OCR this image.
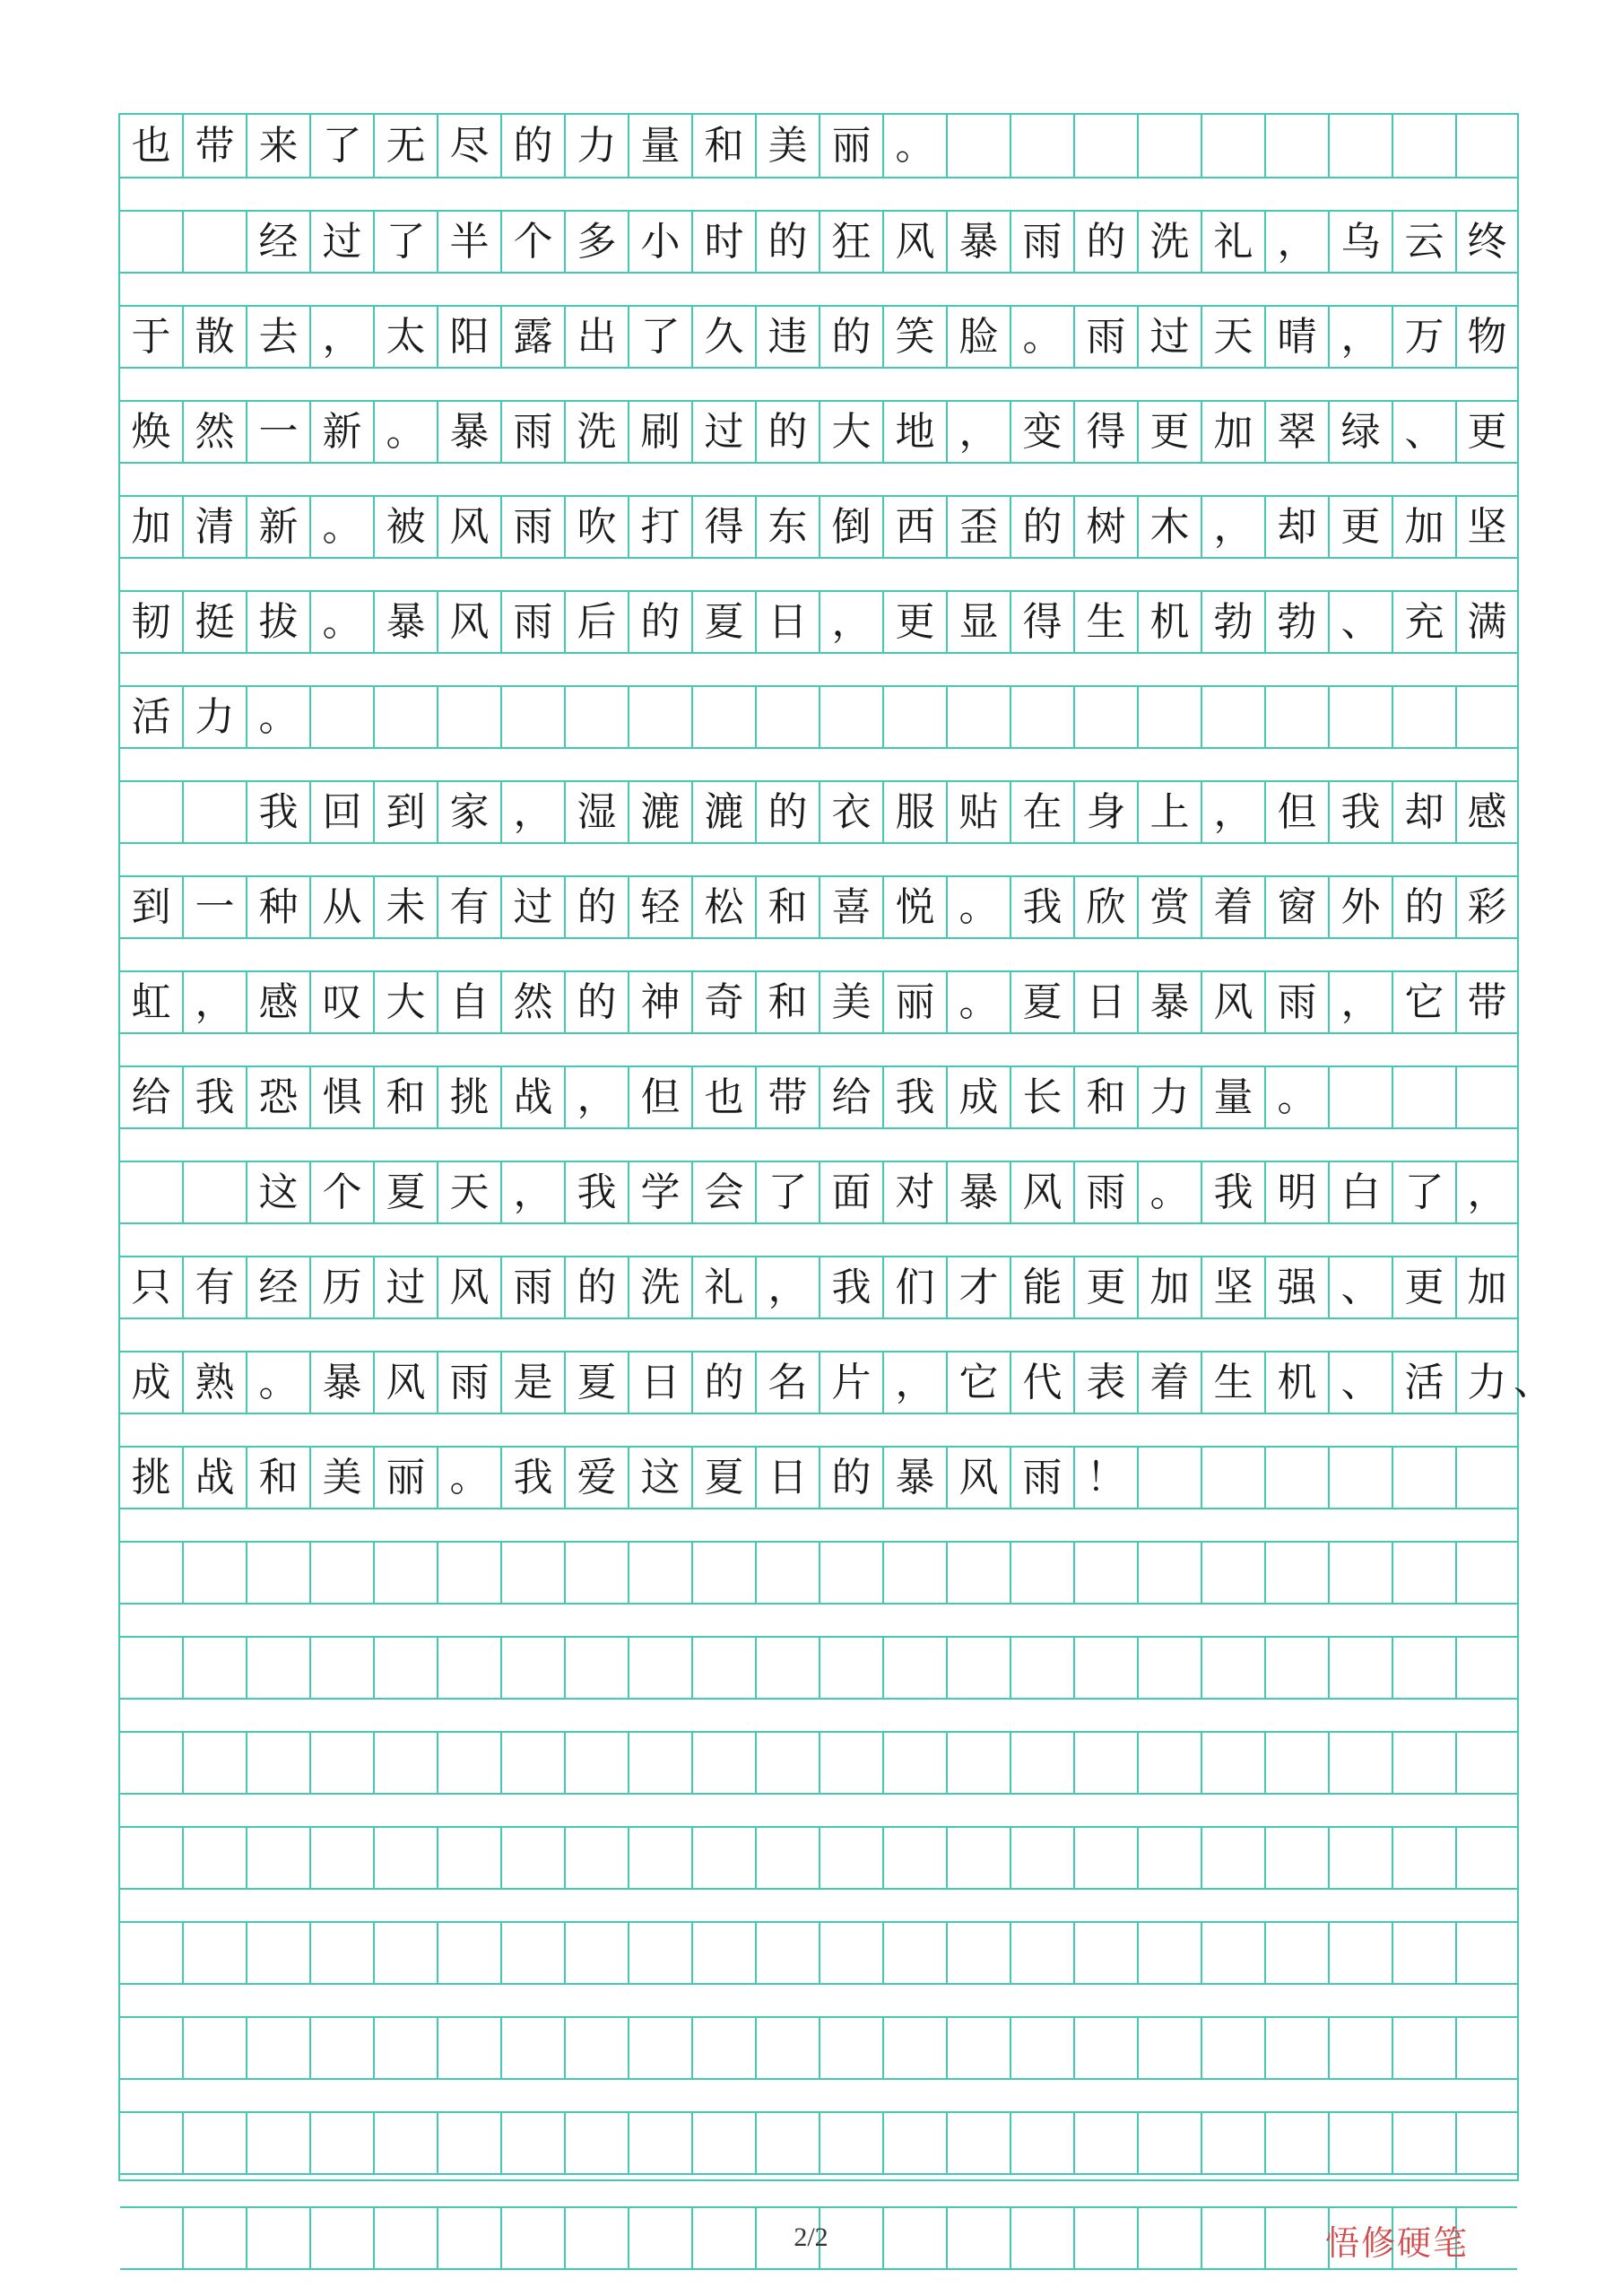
也 带 来 了 无 尽 的 力 量 和 美 丽 。
经 过 了 半 个 多 小 时 的 狂 风 暴 雨 的 洗 礼 ， 乌 云 终
于 散 去 ， 太 阳 露 出 了 久 违 的 笑 脸 。 雨 过 天 晴 ， 万 物
焕 然 一 新 。 暴 雨 洗 刷 过 的 大 地 ， 变 得 更 加 翠 绿 、 更
加 清 新 。 被 风 雨 吹 打 得 东 倒 西 歪 的 树 木 ， 却 更 加 坚
韧 挺 拔 。 暴 风 雨 后 的 夏 日 ， 更 显 得 生 机 勃 勃 、 充 满
活 力 。
我 回 到 家 ， 湿 漉 漉 的 衣 服 贴 在 身 上 ， 但 我 却 感
到 一 种 从 未 有 过 的 轻 松 和 喜 悦 。 我 欣 赏 着 窗 外 的 彩
虹 ， 感 叹 大 自 然 的 神 奇 和 美 丽 。 夏 日 暴 风 雨 ， 它 带
给 我 恐 惧 和 挑 战 ， 但 也 带 给 我 成 长 和 力 量 。
这 个 夏 天 ， 我 学 会 了 面 对 暴 风 雨 。 我 明 白 了 ，
只 有 经 历 过 风 雨 的 洗 礼 ， 我 们 才 能 更 加 坚 强 、 更 加
成 熟 。 暴 风 雨 是 夏 日 的 名 片 ， 它 代 表 着 生 机 、 活 力 、
挑 战 和 美 丽 。 我 爱 这 夏 日 的 暴 风 雨 ！
2/2	悟修硬笔
